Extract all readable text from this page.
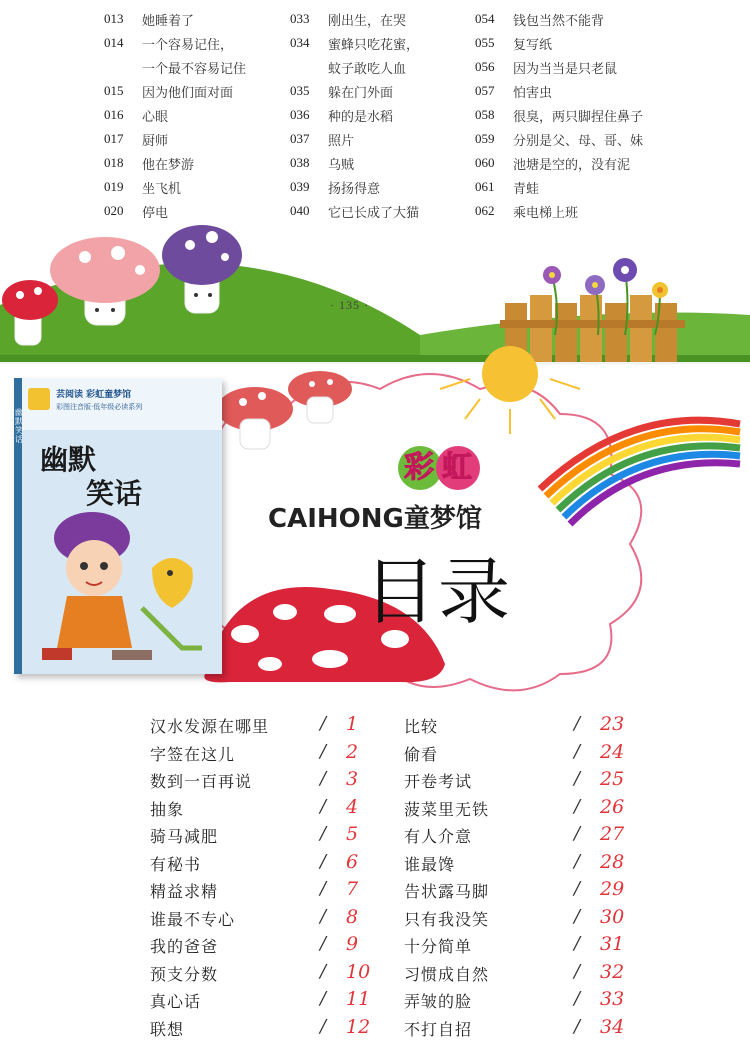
013	她睡着了
014	一个容易记住，
一个最不容易记住
015	因为他们面对面
016	心眼
017	厨师
018	他在梦游
019	坐飞机
020	停电
033	刚出生，在哭
034	蜜蜂只吃花蜜，
蚊子敢吃人血
035	躲在门外面
036	种的是水稻
037	照片
038	乌贼
039	扬扬得意
040	它已长成了大猫
054	钱包当然不能背
055	复写纸
056	因为当当是只老鼠
057	怕害虫
058	很臭，两只脚捏住鼻子
059	分别是父、母、哥、妹
060	池塘是空的，没有泥
061	青蛙
062	乘电梯上班
· 135 ·
芸阅读 彩虹童梦馆
彩图注音版·低年级必读系列
幽默笑话
幽默
笑话
彩 虹
CAIHONG童梦馆
目录
汉水发源在哪里	/ 1
字签在这儿	/ 2
数到一百再说	/ 3
抽象	/ 4
骑马减肥	/ 5
有秘书	/ 6
精益求精	/ 7
谁最不专心	/ 8
我的爸爸	/ 9
预支分数	/ 10
真心话	/ 11
联想	/ 12
比较	/ 23
偷看	/ 24
开卷考试	/ 25
菠菜里无铁	/ 26
有人介意	/ 27
谁最馋	/ 28
告状露马脚	/ 29
只有我没笑	/ 30
十分简单	/ 31
习惯成自然	/ 32
弄皱的脸	/ 33
不打自招	/ 34
